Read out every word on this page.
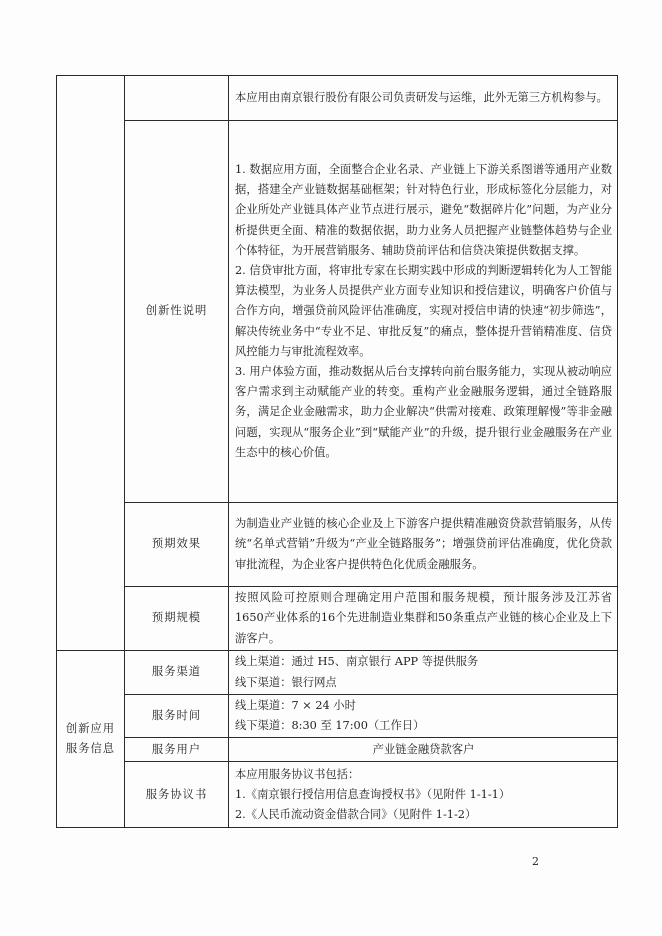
		本应用由南京银行股份有限公司负责研发与运维，此外无第三方机构参与。

	创新性说明	1. 数据应用方面，全面整合企业名录、产业链上下游关系图谱等通用产业数据，搭建全产业链数据基础框架；针对特色行业，形成标签化分层能力，对企业所处产业链具体产业节点进行展示，避免“数据碎片化”问题，为产业分析提供更全面、精准的数据依据，助力业务人员把握产业链整体趋势与企业个体特征，为开展营销服务、辅助贷前评估和信贷决策提供数据支撑。
2. 信贷审批方面，将审批专家在长期实践中形成的判断逻辑转化为人工智能算法模型，为业务人员提供产业方面专业知识和授信建议，明确客户价值与合作方向，增强贷前风险评估准确度，实现对授信申请的快速“初步筛选”，解决传统业务中“专业不足、审批反复”的痛点，整体提升营销精准度、信贷风控能力与审批流程效率。
3. 用户体验方面，推动数据从后台支撑转向前台服务能力，实现从被动响应客户需求到主动赋能产业的转变。重构产业金融服务逻辑，通过全链路服务，满足企业金融需求，助力企业解决“供需对接难、政策理解慢”等非金融问题，实现从“服务企业”到“赋能产业”的升级，提升银行业金融服务在产业生态中的核心价值。

	预期效果	为制造业产业链的核心企业及上下游客户提供精准融资贷款营销服务，从传统“名单式营销”升级为“产业全链路服务”；增强贷前评估准确度，优化贷款审批流程，为企业客户提供特色化优质金融服务。

	预期规模	按照风险可控原则合理确定用户范围和服务规模，预计服务涉及江苏省1650产业体系的16个先进制造业集群和50条重点产业链的核心企业及上下游客户。

创新应用
服务信息	服务渠道	线上渠道：通过 H5、南京银行 APP 等提供服务
线下渠道：银行网点

	服务时间	线上渠道：7 × 24 小时
线下渠道：8:30 至 17:00（工作日）

	服务用户	产业链金融贷款客户
	服务协议书	本应用服务协议书包括：
1.《南京银行授信用信息查询授权书》（见附件 1-1-1）
2.《人民币流动资金借款合同》（见附件 1-1-2）
2
